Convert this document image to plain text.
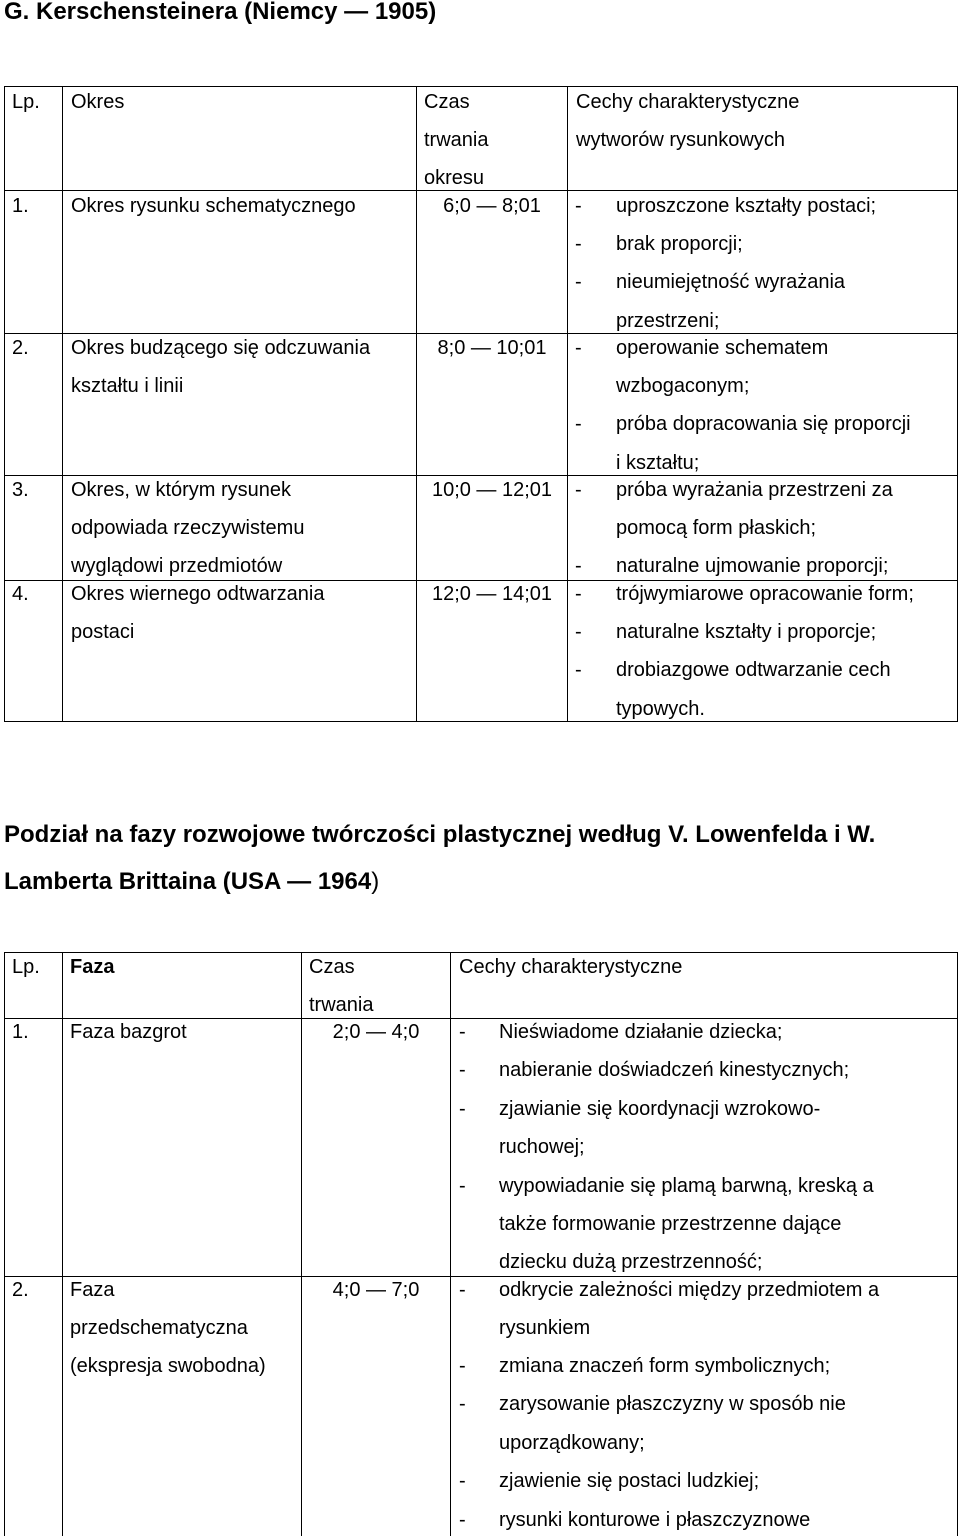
G. Kerschensteinera (Niemcy — 1905)
Lp. Okres	Czas
trwania
okresu
Cechy charakterystyczne
wytworów rysunkowych
1. Okres rysunku schematycznego	6;0 — 8;01	- uproszczone kształty postaci;
- brak proporcji;
- nieumiejętność wyrażania
przestrzeni;
2. Okres budzącego się odczuwania
kształtu i linii
8;0 — 10;01	- operowanie schematem
wzbogaconym;
- próba dopracowania się proporcji
i kształtu;
3. Okres, w którym rysunek
odpowiada rzeczywistemu
wyglądowi przedmiotów
10;0 — 12;01	- próba wyrażania przestrzeni za
pomocą form płaskich;
- naturalne ujmowanie proporcji;
4. Okres wiernego odtwarzania
postaci
12;0 — 14;01	- trójwymiarowe opracowanie form;
- naturalne kształty i proporcje;
- drobiazgowe odtwarzanie cech
typowych.
Podział na fazy rozwojowe twórczości plastycznej według V. Lowenfelda i W. Lamberta Brittaina (USA — 1964)
Lp. Faza	Czas
trwania
Cechy charakterystyczne
1. Faza bazgrot	2;0 — 4;0	- Nieświadome działanie dziecka;
- nabieranie doświadczeń kinestycznych;
- zjawianie się koordynacji wzrokowo-
ruchowej;
- wypowiadanie się plamą barwną, kreską a
także formowanie przestrzenne dające
dziecku dużą przestrzenność;
2. Faza
przedschematyczna
(ekspresja swobodna)
4;0 — 7;0	- odkrycie zależności między przedmiotem a
rysunkiem
- zmiana znaczeń form symbolicznych;
- zarysowanie płaszczyzny w sposób nie
uporządkowany;
- zjawienie się postaci ludzkiej;
- rysunki konturowe i płaszczyznowe
